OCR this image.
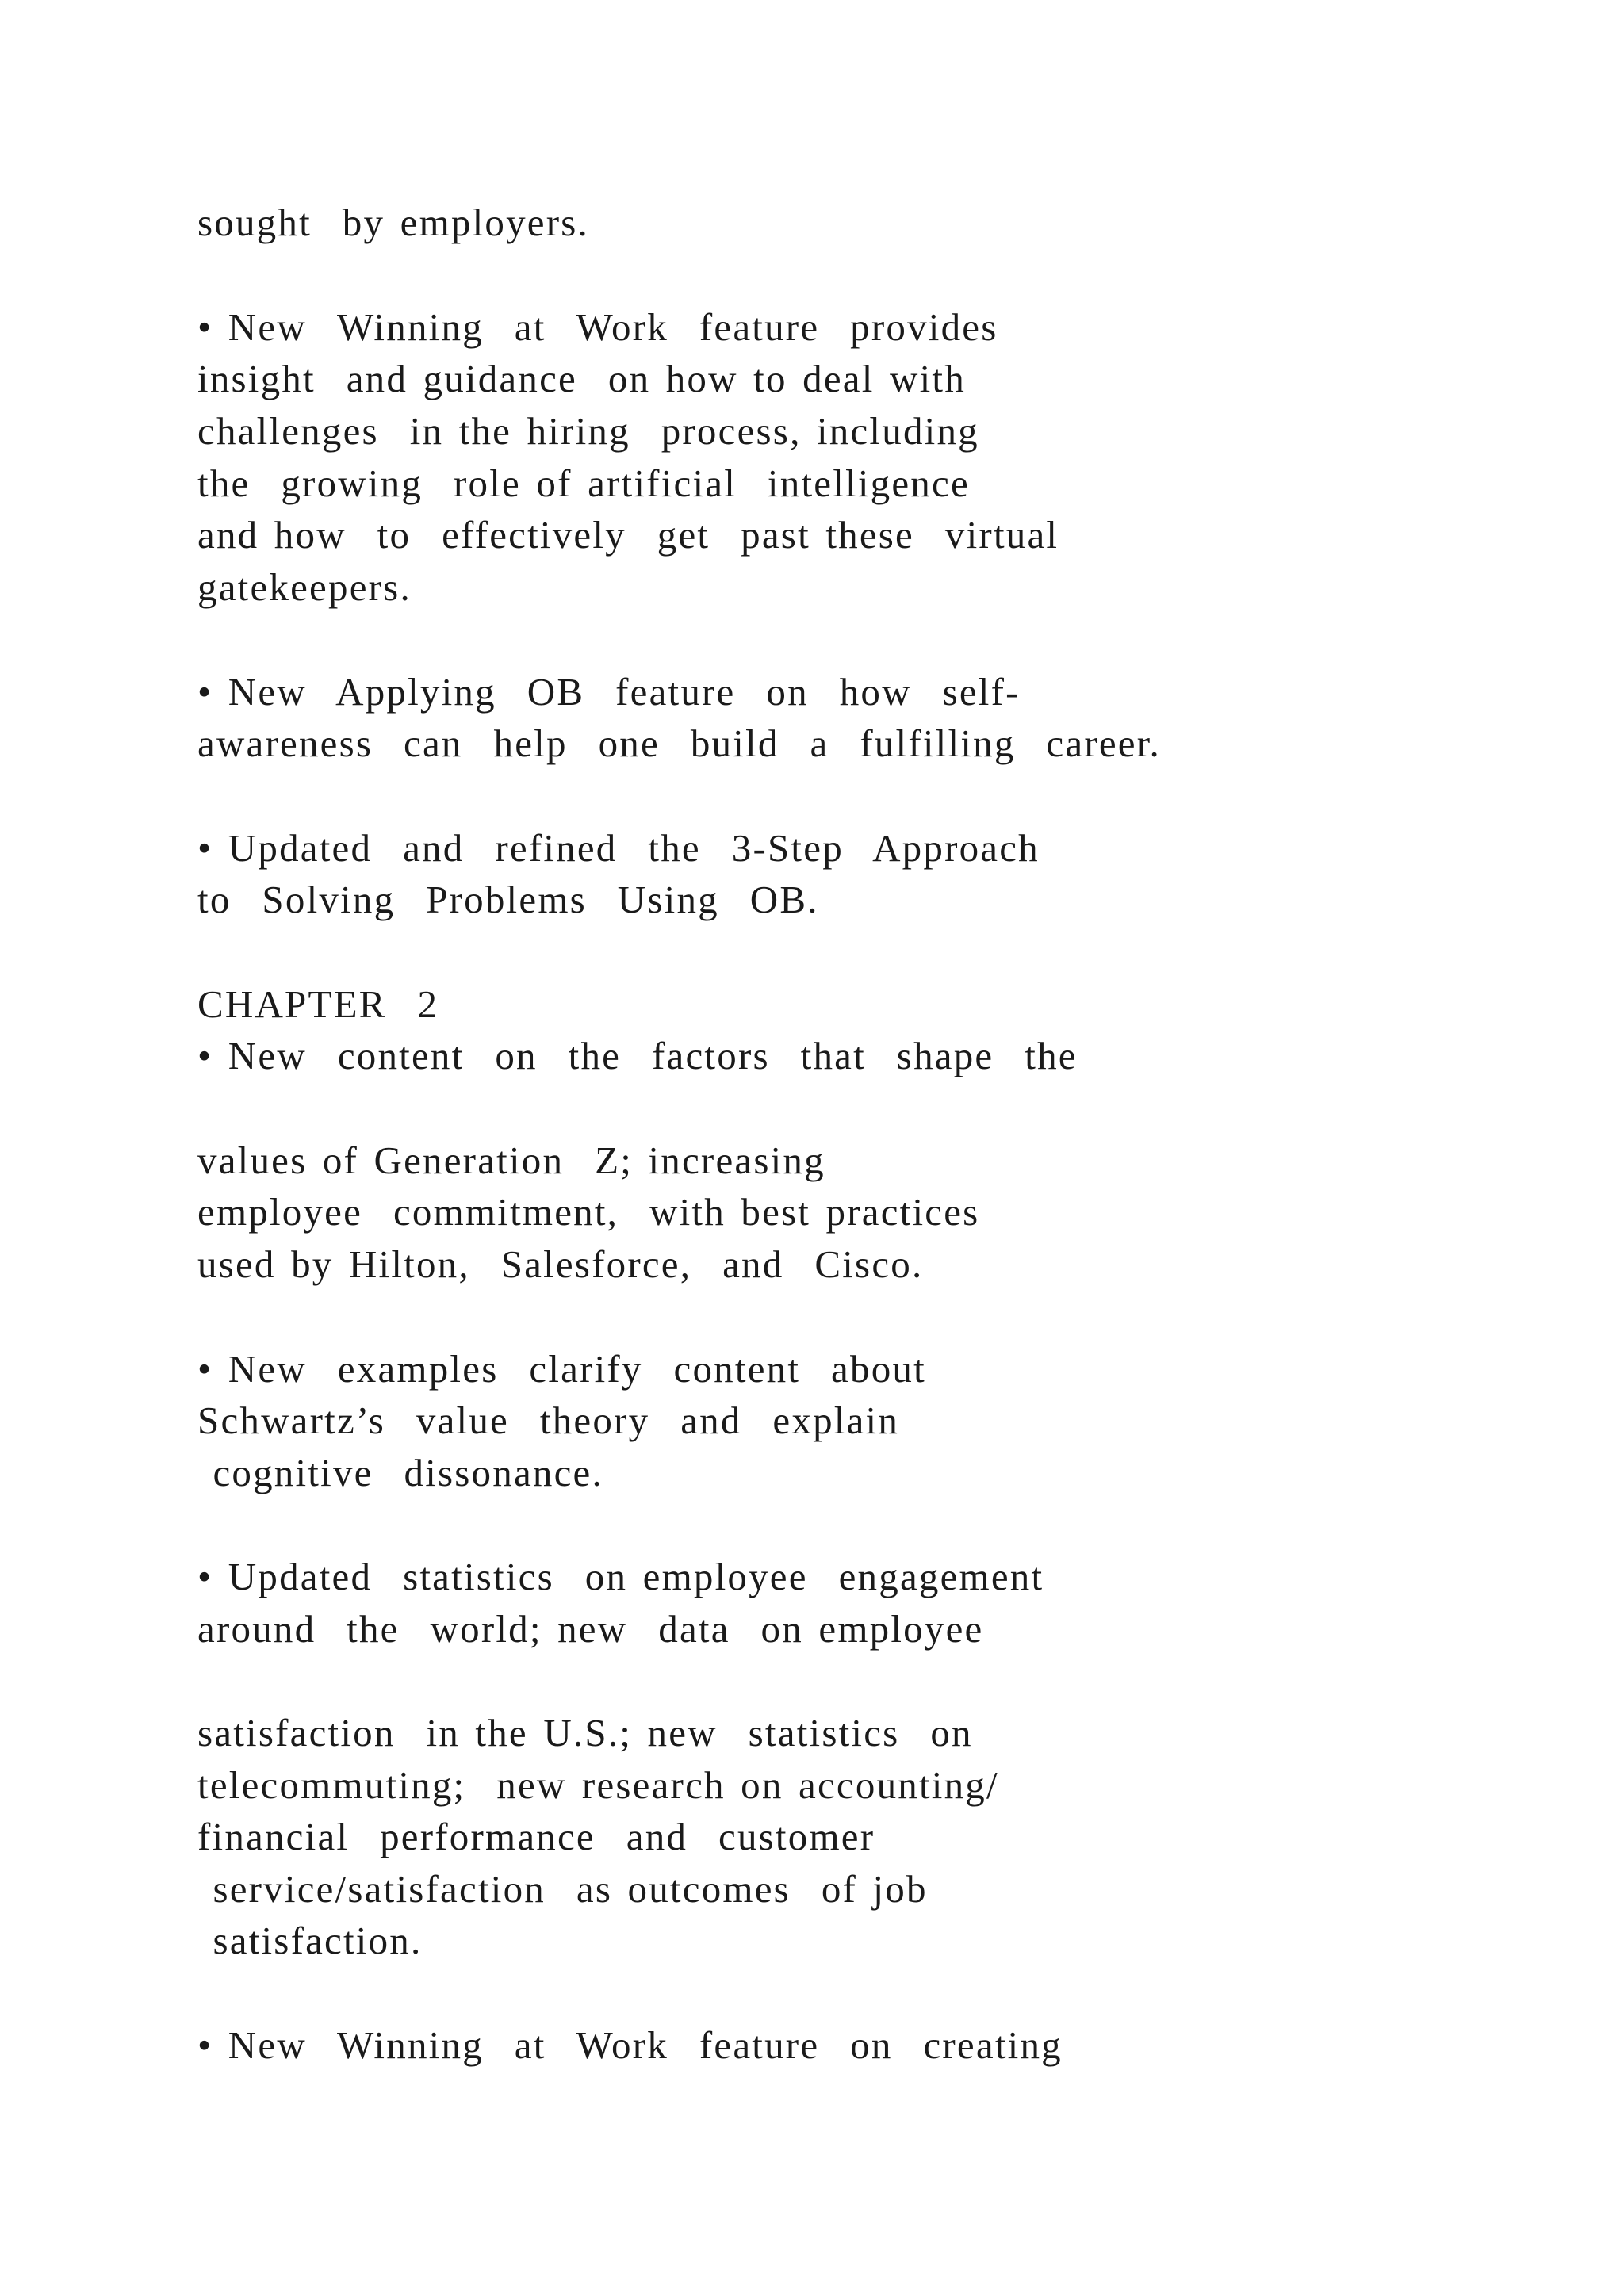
sought  by employers.

• New  Winning  at  Work  feature  provides

insight  and guidance  on how to deal with

challenges  in the hiring  process, including

the  growing  role of artificial  intelligence

and how  to  effectively  get  past these  virtual

gatekeepers.

• New  Applying  OB  feature  on  how  self-

awareness  can  help  one  build  a  fulfilling  career.

• Updated  and  refined  the  3-Step  Approach

to  Solving  Problems  Using  OB.

CHAPTER  2

• New  content  on  the  factors  that  shape  the

values of Generation  Z; increasing

employee  commitment,  with best practices

used by Hilton,  Salesforce,  and  Cisco.

• New  examples  clarify  content  about

Schwartz’s  value  theory  and  explain

cognitive  dissonance.

• Updated  statistics  on employee  engagement

around  the  world; new  data  on employee

satisfaction  in the U.S.; new  statistics  on

telecommuting;  new research on accounting/

financial  performance  and  customer

service/satisfaction  as outcomes  of job

satisfaction.

• New  Winning  at  Work  feature  on  creating
